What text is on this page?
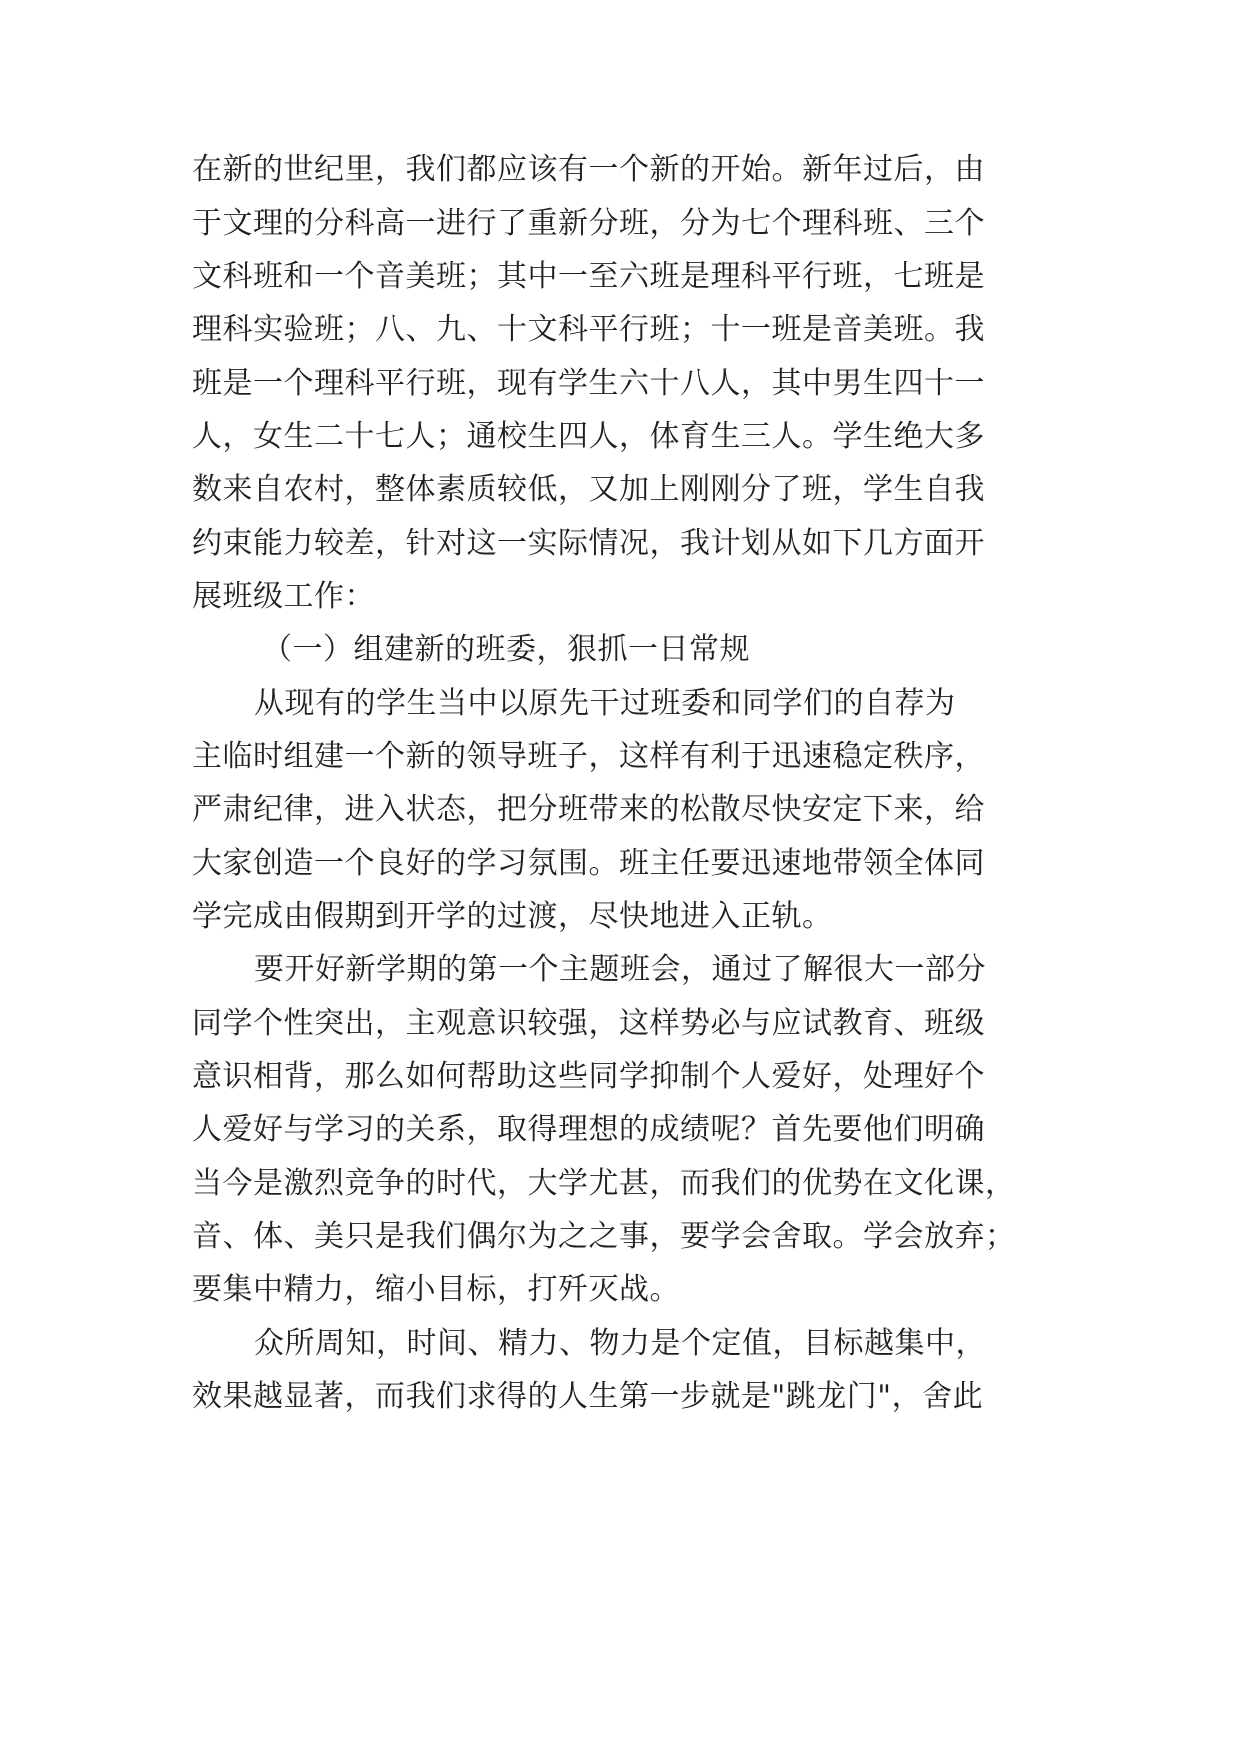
在新的世纪里，我们都应该有一个新的开始。新年过后，由
于文理的分科高一进行了重新分班，分为七个理科班、三个
文科班和一个音美班；其中一至六班是理科平行班，七班是
理科实验班；八、九、十文科平行班；十一班是音美班。我
班是一个理科平行班，现有学生六十八人，其中男生四十一
人，女生二十七人；通校生四人，体育生三人。学生绝大多
数来自农村，整体素质较低，又加上刚刚分了班，学生自我
约束能力较差，针对这一实际情况，我计划从如下几方面开
展班级工作：
（一）组建新的班委，狠抓一日常规
从现有的学生当中以原先干过班委和同学们的自荐为
主临时组建一个新的领导班子，这样有利于迅速稳定秩序，
严肃纪律，进入状态，把分班带来的松散尽快安定下来，给
大家创造一个良好的学习氛围。班主任要迅速地带领全体同
学完成由假期到开学的过渡，尽快地进入正轨。
要开好新学期的第一个主题班会，通过了解很大一部分
同学个性突出，主观意识较强，这样势必与应试教育、班级
意识相背，那么如何帮助这些同学抑制个人爱好，处理好个
人爱好与学习的关系，取得理想的成绩呢？首先要他们明确
当今是激烈竞争的时代，大学尤甚，而我们的优势在文化课，
音、体、美只是我们偶尔为之之事，要学会舍取。学会放弃；
要集中精力，缩小目标，打歼灭战。
众所周知，时间、精力、物力是个定值，目标越集中，
效果越显著，而我们求得的人生第一步就是"跳龙门"，舍此
